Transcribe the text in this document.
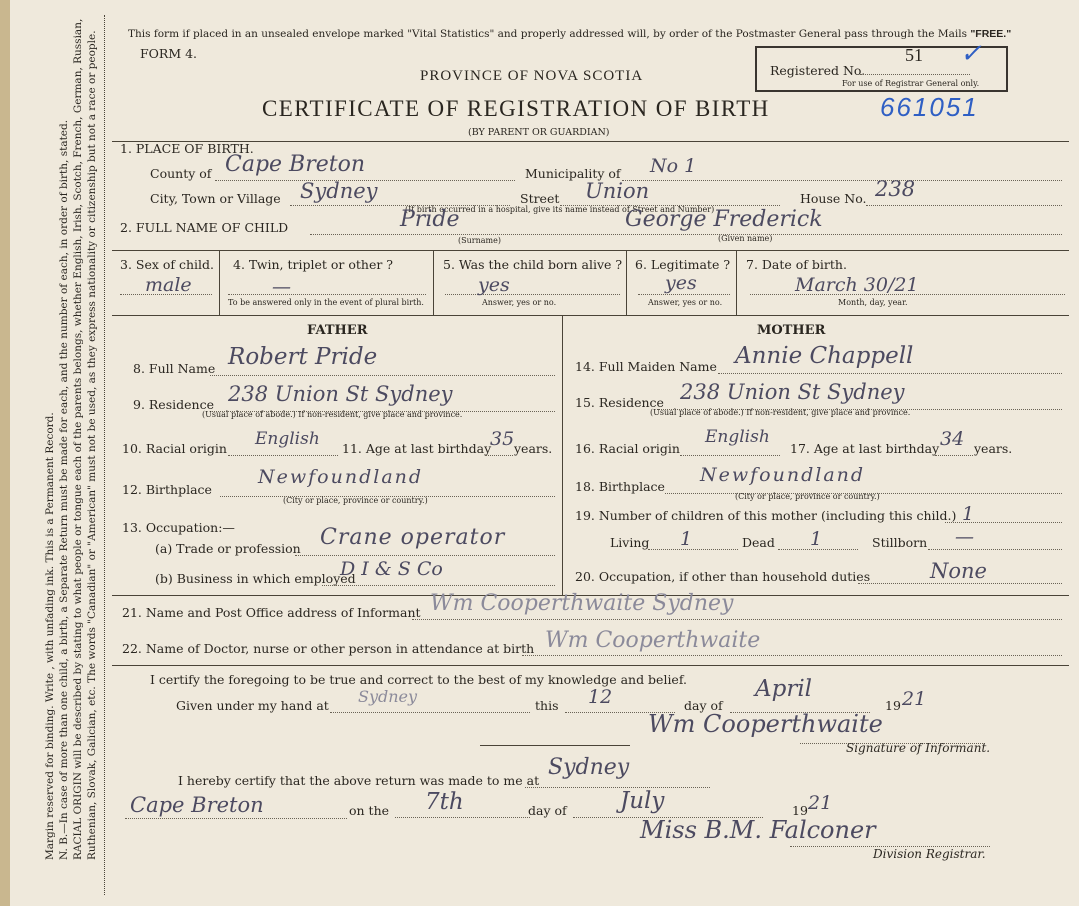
Margin reserved for binding. Write , with unfading ink. This is a Permanent Record. N. B.—In case of more than one child, a birth, a Separate Return must be made for each, and the number of each, in order of birth, stated. RACIAL ORIGIN will be described by stating to what people or tongue each of the parents belongs, whether English, Irish, Scotch, French, German, Russian, Ruthenian, Slovak, Galician, etc. The words "Canadian" or "American" must not be used, as they express nationality or citizenship but not a race or people.	This form if placed in an unsealed envelope marked "Vital Statistics" and properly addressed will, by order of the Postmaster General pass through the Mails "FREE."
FORM 4.
PROVINCE OF NOVA SCOTIA
CERTIFICATE OF REGISTRATION OF BIRTH
(BY PARENT OR GUARDIAN)
Registered No.
51 ✓
For use of Registrar General only.
661051
1. PLACE OF BIRTH.
County of Cape Breton	Municipality of No 1
City, Town or Village Sydney	Street Union	House No. 238
(If birth occurred in a hospital, give its name instead of Street and Number)
2. FULL NAME OF CHILD	Pride	George Frederick
(Surname)	(Given name)
3. Sex of child.
male
4. Twin, triplet or other ?
—
To be answered only in the event of plural birth.
5. Was the child born alive ?
yes
Answer, yes or no.
6. Legitimate ?
yes
Answer, yes or no.
7. Date of birth.
March 30/21
Month, day, year.
FATHER
8. Full Name Robert Pride
9. Residence 238 Union St Sydney
(Usual place of abode.) If non-resident, give place and province.
10. Racial origin English 11. Age at last birthday
35 years.
12. Birthplace
Newfoundland
(City or place, province or country.)
13. Occupation:—
(a) Trade or profession Crane operator
(b) Business in which employed
D I & S Co
MOTHER
14. Full Maiden Name Annie Chappell
15. Residence 238 Union St Sydney
(Usual place of abode.) If non-resident, give place and province.
16. Racial origin
English
17. Age at last birthday 34 years.
18. Birthplace
Newfoundland
(City or place, province or country.)
19. Number of children of this mother (including this child.) 1
Living 1	Dead 1	Stillborn —
20. Occupation, if other than household duties	None
21. Name and Post Office address of Informant Wm Cooperthwaite Sydney
22. Name of Doctor, nurse or other person in attendance at birth Wm Cooperthwaite
I certify the foregoing to be true and correct to the best of my knowledge and belief.
Given under my hand at Sydney	this 12	day of
April
19 21
Wm Cooperthwaite
Signature of Informant.
I hereby certify that the above return was made to me at
Sydney
Cape Breton	on the 7th	day of July	19 21
Miss B.M. Falconer
Division Registrar.
